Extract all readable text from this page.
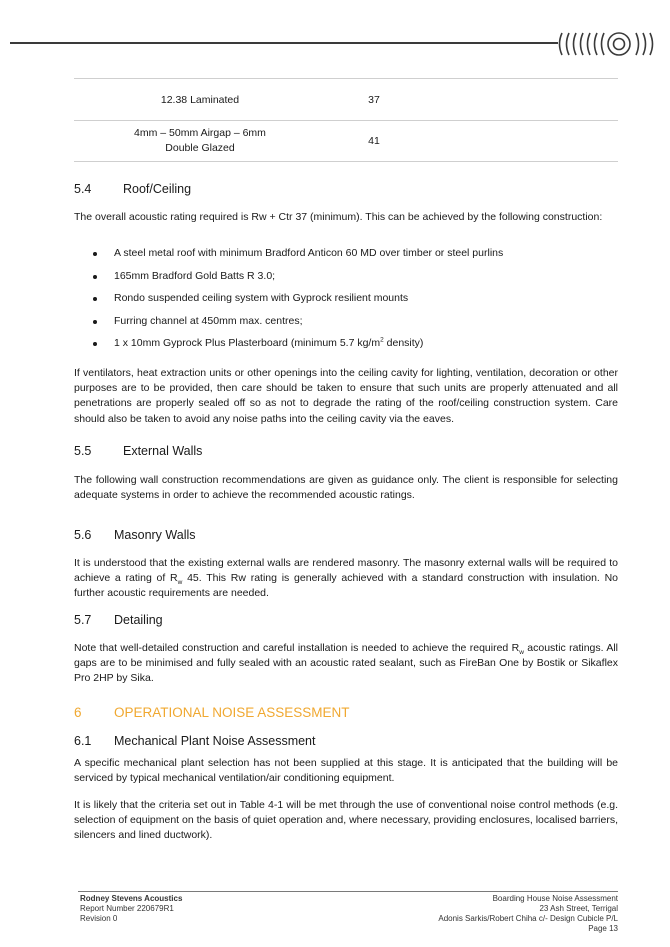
12.38 Laminated	37	

4mm – 50mm Airgap – 6mm
Double Glazed	41	
5.4	Roof/Ceiling
The overall acoustic rating required is Rw + Ctr 37 (minimum). This can be achieved by the following construction:
A steel metal roof with minimum Bradford Anticon 60 MD over timber or steel purlins
165mm Bradford Gold Batts R 3.0;
Rondo suspended ceiling system with Gyprock resilient mounts
Furring channel at 450mm max. centres;
1 x 10mm Gyprock Plus Plasterboard (minimum 5.7 $kg/m^2$ density)
If ventilators, heat extraction units or other openings into the ceiling cavity for lighting, ventilation, decoration or other purposes are to be provided, then care should be taken to ensure that such units are properly attenuated and all penetrations are properly sealed off so as not to degrade the rating of the roof/ceiling construction system. Care should also be taken to avoid any noise paths into the ceiling cavity via the eaves.
5.5	External Walls
The following wall construction recommendations are given as guidance only. The client is responsible for selecting adequate systems in order to achieve the recommended acoustic ratings.
5.6 Masonry Walls
It is understood that the existing external walls are rendered masonry. The masonry external walls will be required to achieve a rating of $R_w$ 45. This Rw rating is generally achieved with a standard construction with insulation. No further acoustic requirements are needed.
5.7 Detailing
Note that well-detailed construction and careful installation is needed to achieve the required $R_w$ acoustic ratings. All gaps are to be minimised and fully sealed with an acoustic rated sealant, such as FireBan One by Bostik or Sikaflex Pro 2HP by Sika.
6 OPERATIONAL NOISE ASSESSMENT
6.1 Mechanical Plant Noise Assessment
A specific mechanical plant selection has not been supplied at this stage. It is anticipated that the building will be serviced by typical mechanical ventilation/air conditioning equipment.
It is likely that the criteria set out in Table 4-1 will be met through the use of conventional noise control methods (e.g. selection of equipment on the basis of quiet operation and, where necessary, providing enclosures, localised barriers, silencers and lined ductwork).
Rodney Stevens Acoustics
Report Number 220679R1
Revision 0
Boarding House Noise Assessment
23 Ash Street, Terrigal
Adonis Sarkis/Robert Chiha c/- Design Cubicle P/L
Page 13
